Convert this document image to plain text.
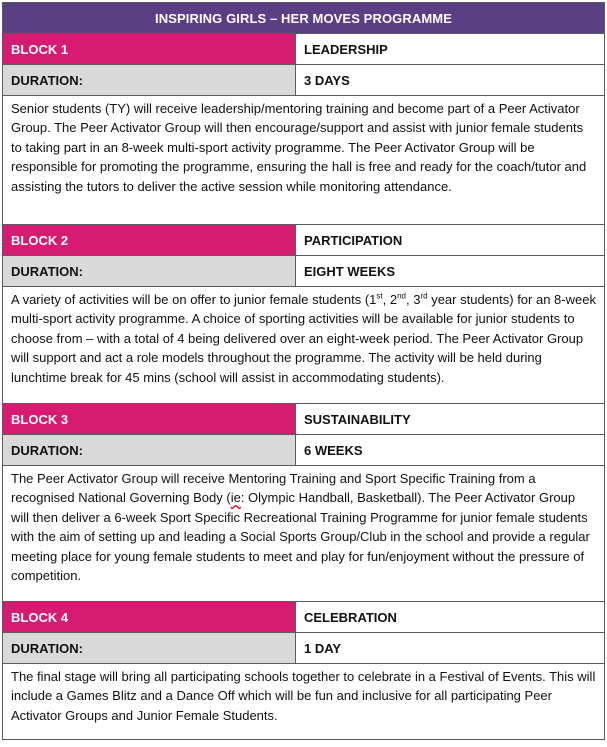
INSPIRING GIRLS – HER MOVES PROGRAMME	
BLOCK 1	LEADERSHIP
DURATION:	3 DAYS

Senior students (TY) will receive leadership/mentoring training and become part of a Peer Activator Group. The Peer Activator Group will then encourage/support and assist with junior female students to taking part in an 8-week multi-sport activity programme. The Peer Activator Group will be responsible for promoting the programme, ensuring the hall is free and ready for the coach/tutor and assisting the tutors to deliver the active session while monitoring attendance.	

BLOCK 2	PARTICIPATION
DURATION:	EIGHT WEEKS

A variety of activities will be on offer to junior female students (1st, 2nd, 3rd year students) for an 8-week multi-sport activity programme. A choice of sporting activities will be available for junior students to choose from – with a total of 4 being delivered over an eight-week period. The Peer Activator Group will support and act a role models throughout the programme. The activity will be held during lunchtime break for 45 mins (school will assist in accommodating students).	

BLOCK 3	SUSTAINABILITY
DURATION:	6 WEEKS

The Peer Activator Group will receive Mentoring Training and Sport Specific Training from a recognised National Governing Body (ie: Olympic Handball, Basketball). The Peer Activator Group will then deliver a 6-week Sport Specific Recreational Training Programme for junior female students with the aim of setting up and leading a Social Sports Group/Club in the school and provide a regular meeting place for young female students to meet and play for fun/enjoyment without the pressure of competition.	

BLOCK 4	CELEBRATION
DURATION:	1 DAY

The final stage will bring all participating schools together to celebrate in a Festival of Events. This will include a Games Blitz and a Dance Off which will be fun and inclusive for all participating Peer Activator Groups and Junior Female Students.	
